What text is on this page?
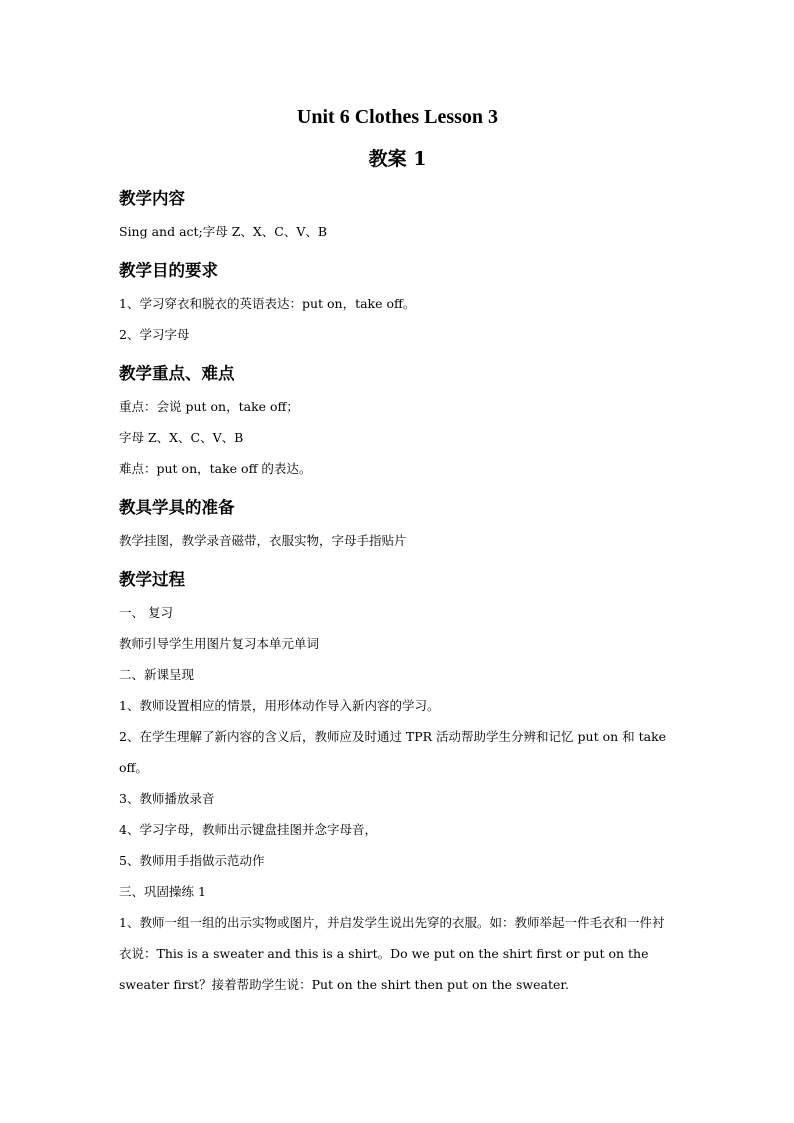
Unit 6 Clothes Lesson 3
教案 1
教学内容
Sing and act;字母 Z、X、C、V、B
教学目的要求
1、学习穿衣和脱衣的英语表达：put on，take off。
2、学习字母
教学重点、难点
重点：会说 put on，take off；
字母 Z、X、C、V、B
难点：put on，take off 的表达。
教具学具的准备
教学挂图，教学录音磁带，衣服实物，字母手指贴片
教学过程
一、 复习
教师引导学生用图片复习本单元单词
二、新课呈现
1、教师设置相应的情景，用形体动作导入新内容的学习。
2、在学生理解了新内容的含义后，教师应及时通过 TPR 活动帮助学生分辨和记忆 put on 和 take off。
3、教师播放录音
4、学习字母，教师出示键盘挂图并念字母音，
5、教师用手指做示范动作
三、巩固操练 1
1、教师一组一组的出示实物或图片，并启发学生说出先穿的衣服。如：教师举起一件毛衣和一件衬衣说：This is a sweater and this is a shirt。Do we put on the shirt first or put on the sweater first？接着帮助学生说：Put on the shirt then put on the sweater.
